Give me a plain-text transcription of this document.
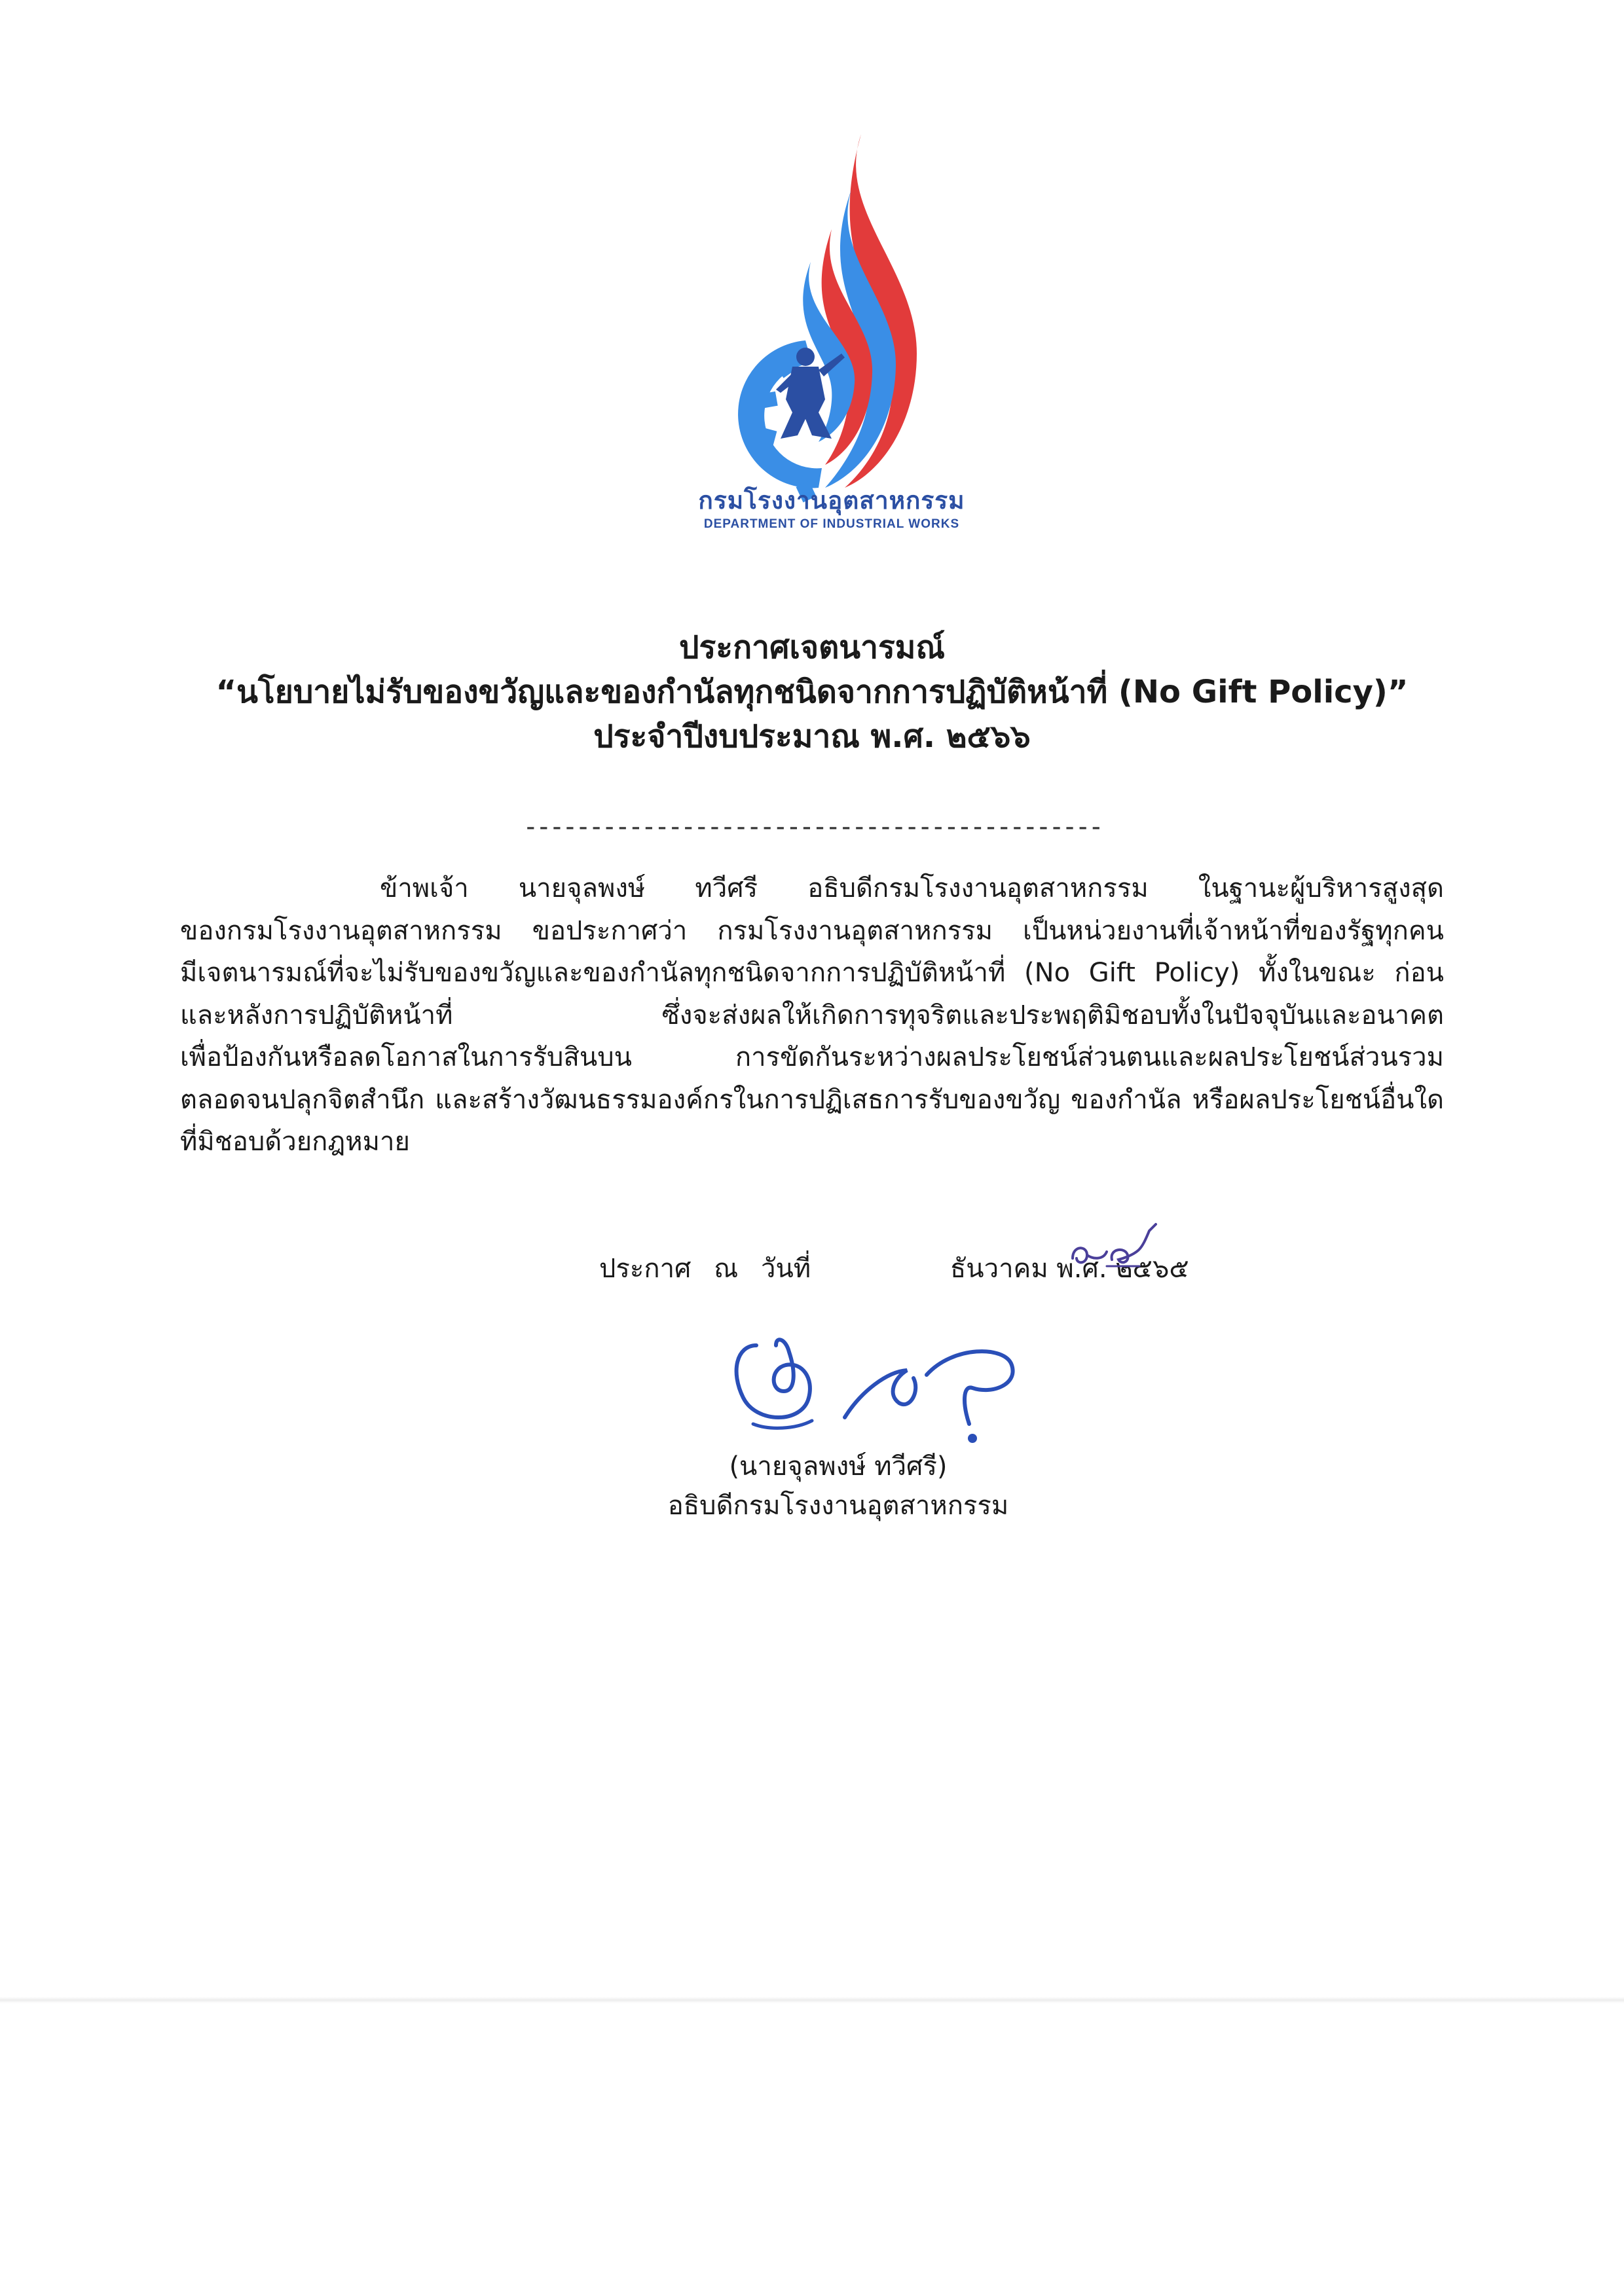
กรมโรงงานอุตสาหกรรม
DEPARTMENT OF INDUSTRIAL WORKS
ประกาศเจตนารมณ์
“นโยบายไม่รับของขวัญและของกำนัลทุกชนิดจากการปฏิบัติหน้าที่ (No Gift Policy)”
ประจำปีงบประมาณ พ.ศ. ๒๕๖๖
--------------------------------------------
ข้าพเจ้า นายจุลพงษ์ ทวีศรี อธิบดีกรมโรงงานอุตสาหกรรม ในฐานะผู้บริหารสูงสุด
ของกรมโรงงานอุตสาหกรรม ขอประกาศว่า กรมโรงงานอุตสาหกรรม เป็นหน่วยงานที่เจ้าหน้าที่ของรัฐทุกคน
มีเจตนารมณ์ที่จะไม่รับของขวัญและของกำนัลทุกชนิดจากการปฏิบัติหน้าที่ (No Gift Policy) ทั้งในขณะ ก่อน
และหลังการปฏิบัติหน้าที่ ซึ่งจะส่งผลให้เกิดการทุจริตและประพฤติมิชอบทั้งในปัจจุบันและอนาคต
เพื่อป้องกันหรือลดโอกาสในการรับสินบน การขัดกันระหว่างผลประโยชน์ส่วนตนและผลประโยชน์ส่วนรวม
ตลอดจนปลุกจิตสำนึก และสร้างวัฒนธรรมองค์กรในการปฏิเสธการรับของขวัญ ของกำนัล หรือผลประโยชน์อื่นใด
ที่มิชอบด้วยกฎหมาย
ประกาศ ณ วันที่	ธันวาคม พ.ศ. ๒๕๖๕
(นายจุลพงษ์ ทวีศรี)
อธิบดีกรมโรงงานอุตสาหกรรม
